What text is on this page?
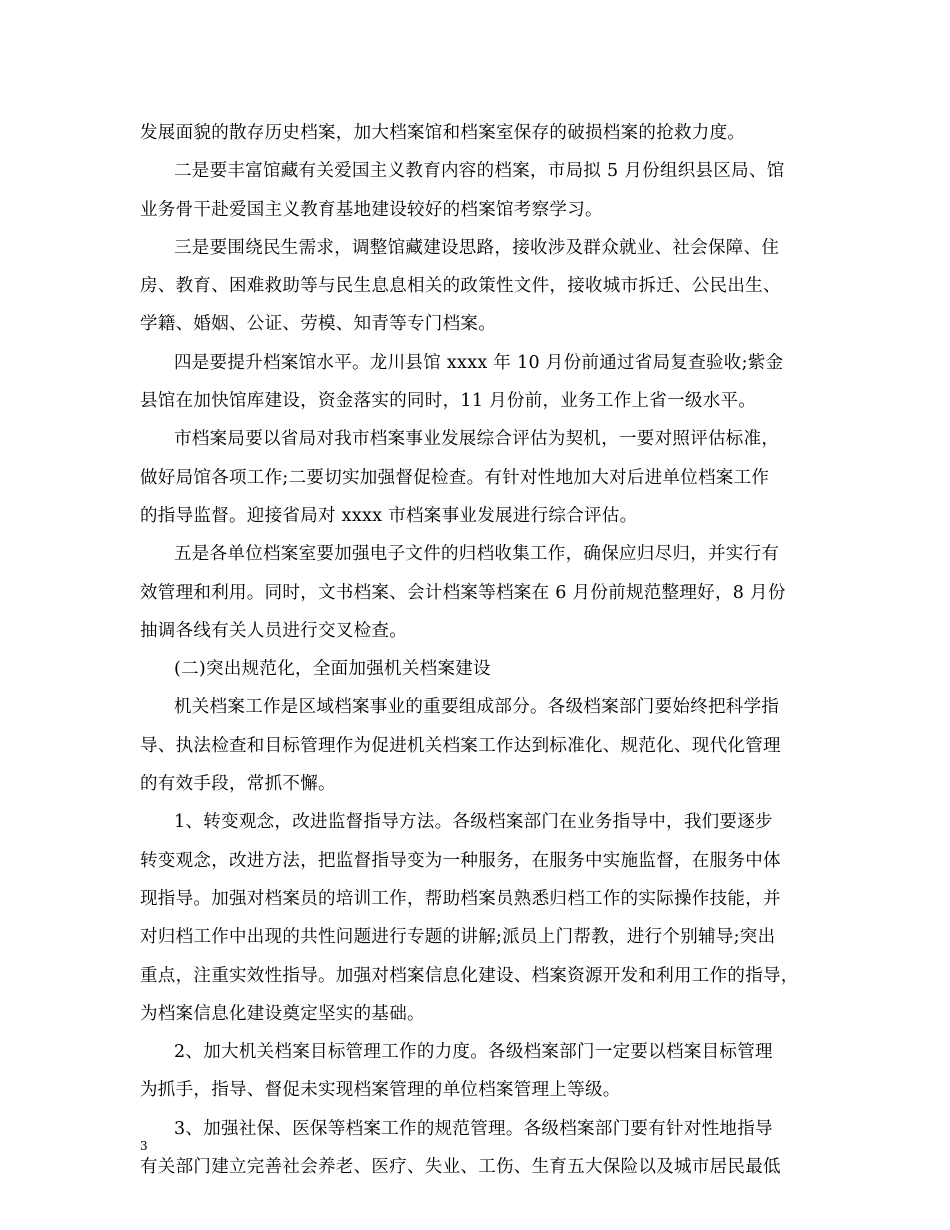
发展面貌的散存历史档案，加大档案馆和档案室保存的破损档案的抢救力度。
二是要丰富馆藏有关爱国主义教育内容的档案，市局拟 5 月份组织县区局、馆
业务骨干赴爱国主义教育基地建设较好的档案馆考察学习。
三是要围绕民生需求，调整馆藏建设思路，接收涉及群众就业、社会保障、住
房、教育、困难救助等与民生息息相关的政策性文件，接收城市拆迁、公民出生、
学籍、婚姻、公证、劳模、知青等专门档案。
四是要提升档案馆水平。龙川县馆 xxxx 年 10 月份前通过省局复查验收;紫金
县馆在加快馆库建设，资金落实的同时，11 月份前，业务工作上省一级水平。
市档案局要以省局对我市档案事业发展综合评估为契机，一要对照评估标准，
做好局馆各项工作;二要切实加强督促检查。有针对性地加大对后进单位档案工作
的指导监督。迎接省局对 xxxx 市档案事业发展进行综合评估。
五是各单位档案室要加强电子文件的归档收集工作，确保应归尽归，并实行有
效管理和利用。同时，文书档案、会计档案等档案在 6 月份前规范整理好，8 月份
抽调各线有关人员进行交叉检查。
(二)突出规范化，全面加强机关档案建设
机关档案工作是区域档案事业的重要组成部分。各级档案部门要始终把科学指
导、执法检查和目标管理作为促进机关档案工作达到标准化、规范化、现代化管理
的有效手段，常抓不懈。
1、转变观念，改进监督指导方法。各级档案部门在业务指导中，我们要逐步
转变观念，改进方法，把监督指导变为一种服务，在服务中实施监督，在服务中体
现指导。加强对档案员的培训工作，帮助档案员熟悉归档工作的实际操作技能，并
对归档工作中出现的共性问题进行专题的讲解;派员上门帮教，进行个别辅导;突出
重点，注重实效性指导。加强对档案信息化建设、档案资源开发和利用工作的指导，
为档案信息化建设奠定坚实的基础。
2、加大机关档案目标管理工作的力度。各级档案部门一定要以档案目标管理
为抓手，指导、督促未实现档案管理的单位档案管理上等级。
3、加强社保、医保等档案工作的规范管理。各级档案部门要有针对性地指导
有关部门建立完善社会养老、医疗、失业、工伤、生育五大保险以及城市居民最低
3
